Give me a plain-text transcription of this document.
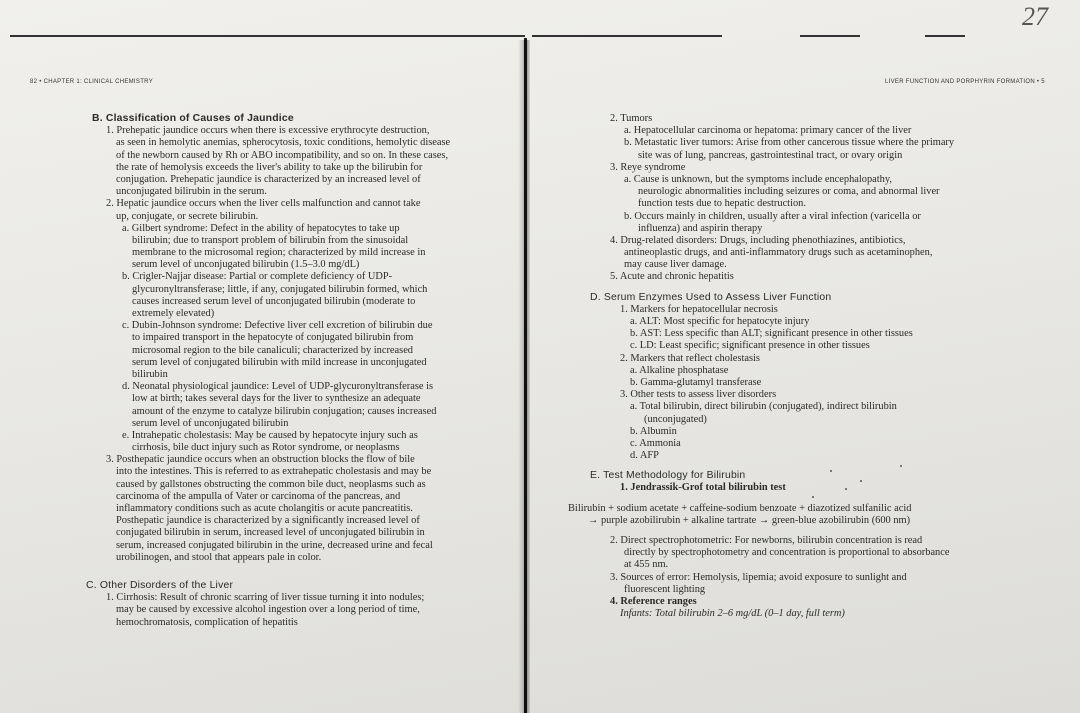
27
82 • CHAPTER 1: CLINICAL CHEMISTRY	LIVER FUNCTION AND PORPHYRIN FORMATION • 5
B. Classification of Causes of Jaundice
1. Prehepatic jaundice occurs when there is excessive erythrocyte destruction,
as seen in hemolytic anemias, spherocytosis, toxic conditions, hemolytic disease
of the newborn caused by Rh or ABO incompatibility, and so on. In these cases,
the rate of hemolysis exceeds the liver's ability to take up the bilirubin for
conjugation. Prehepatic jaundice is characterized by an increased level of
unconjugated bilirubin in the serum.
2. Hepatic jaundice occurs when the liver cells malfunction and cannot take
up, conjugate, or secrete bilirubin.
a. Gilbert syndrome: Defect in the ability of hepatocytes to take up
bilirubin; due to transport problem of bilirubin from the sinusoidal
membrane to the microsomal region; characterized by mild increase in
serum level of unconjugated bilirubin (1.5–3.0 mg/dL)
b. Crigler-Najjar disease: Partial or complete deficiency of UDP-
glycuronyltransferase; little, if any, conjugated bilirubin formed, which
causes increased serum level of unconjugated bilirubin (moderate to
extremely elevated)
c. Dubin-Johnson syndrome: Defective liver cell excretion of bilirubin due
to impaired transport in the hepatocyte of conjugated bilirubin from
microsomal region to the bile canaliculi; characterized by increased
serum level of conjugated bilirubin with mild increase in unconjugated
bilirubin
d. Neonatal physiological jaundice: Level of UDP-glycuronyltransferase is
low at birth; takes several days for the liver to synthesize an adequate
amount of the enzyme to catalyze bilirubin conjugation; causes increased
serum level of unconjugated bilirubin
e. Intrahepatic cholestasis: May be caused by hepatocyte injury such as
cirrhosis, bile duct injury such as Rotor syndrome, or neoplasms
3. Posthepatic jaundice occurs when an obstruction blocks the flow of bile
into the intestines. This is referred to as extrahepatic cholestasis and may be
caused by gallstones obstructing the common bile duct, neoplasms such as
carcinoma of the ampulla of Vater or carcinoma of the pancreas, and
inflammatory conditions such as acute cholangitis or acute pancreatitis.
Posthepatic jaundice is characterized by a significantly increased level of
conjugated bilirubin in serum, increased level of unconjugated bilirubin in
serum, increased conjugated bilirubin in the urine, decreased urine and fecal
urobilinogen, and stool that appears pale in color.
C. Other Disorders of the Liver
1. Cirrhosis: Result of chronic scarring of liver tissue turning it into nodules;
may be caused by excessive alcohol ingestion over a long period of time,
hemochromatosis, complication of hepatitis
2. Tumors
a. Hepatocellular carcinoma or hepatoma: primary cancer of the liver
b. Metastatic liver tumors: Arise from other cancerous tissue where the primary
site was of lung, pancreas, gastrointestinal tract, or ovary origin
3. Reye syndrome
a. Cause is unknown, but the symptoms include encephalopathy,
neurologic abnormalities including seizures or coma, and abnormal liver
function tests due to hepatic destruction.
b. Occurs mainly in children, usually after a viral infection (varicella or
influenza) and aspirin therapy
4. Drug-related disorders: Drugs, including phenothiazines, antibiotics,
antineoplastic drugs, and anti-inflammatory drugs such as acetaminophen,
may cause liver damage.
5. Acute and chronic hepatitis
D. Serum Enzymes Used to Assess Liver Function
1. Markers for hepatocellular necrosis
a. ALT: Most specific for hepatocyte injury
b. AST: Less specific than ALT; significant presence in other tissues
c. LD: Least specific; significant presence in other tissues
2. Markers that reflect cholestasis
a. Alkaline phosphatase
b. Gamma-glutamyl transferase
3. Other tests to assess liver disorders
a. Total bilirubin, direct bilirubin (conjugated), indirect bilirubin
(unconjugated)
b. Albumin
c. Ammonia
d. AFP
E. Test Methodology for Bilirubin
1. Jendrassik-Grof total bilirubin test
Bilirubin + sodium acetate + caffeine-sodium benzoate + diazotized sulfanilic acid
→ purple azobilirubin + alkaline tartrate → green-blue azobilirubin (600 nm)
2. Direct spectrophotometric: For newborns, bilirubin concentration is read
directly by spectrophotometry and concentration is proportional to absorbance
at 455 nm.
3. Sources of error: Hemolysis, lipemia; avoid exposure to sunlight and
fluorescent lighting
4. Reference ranges
Infants: Total bilirubin 2–6 mg/dL (0–1 day, full term)
